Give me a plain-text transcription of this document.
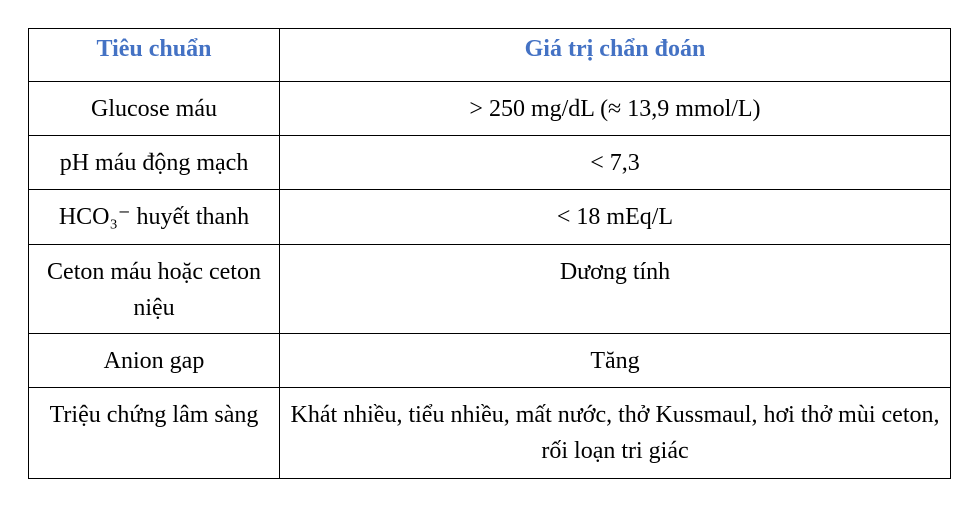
Tiêu chuẩn	Giá trị chẩn đoán
Glucose máu	> 250 mg/dL (≈ 13,9 mmol/L)
pH máu động mạch	< 7,3
HCO₃⁻ huyết thanh	< 18 mEq/L
Ceton máu hoặc ceton niệu	Dương tính
Anion gap	Tăng
Triệu chứng lâm sàng	Khát nhiều, tiểu nhiều, mất nước, thở Kussmaul, hơi thở mùi ceton, rối loạn tri giác
